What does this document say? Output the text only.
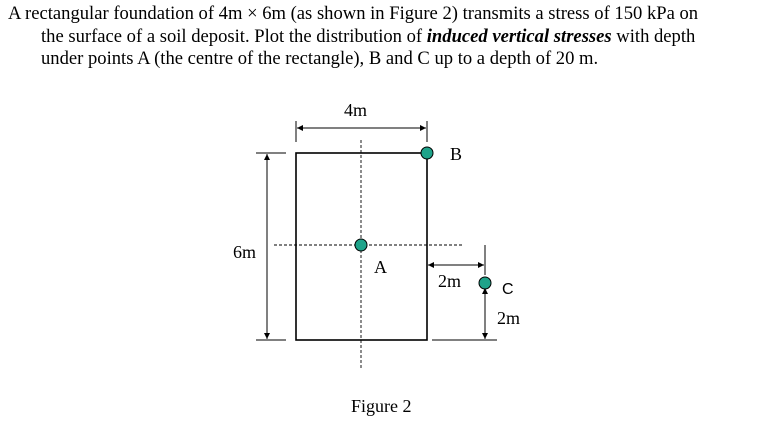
A rectangular foundation of 4m × 6m (as shown in Figure 2) transmits a stress of 150 kPa on
the surface of a soil deposit. Plot the distribution of induced vertical stresses with depth
under points A (the centre of the rectangle), B and C up to a depth of 20 m.
4m
6m
A
B
2m
2m
C
Figure 2
